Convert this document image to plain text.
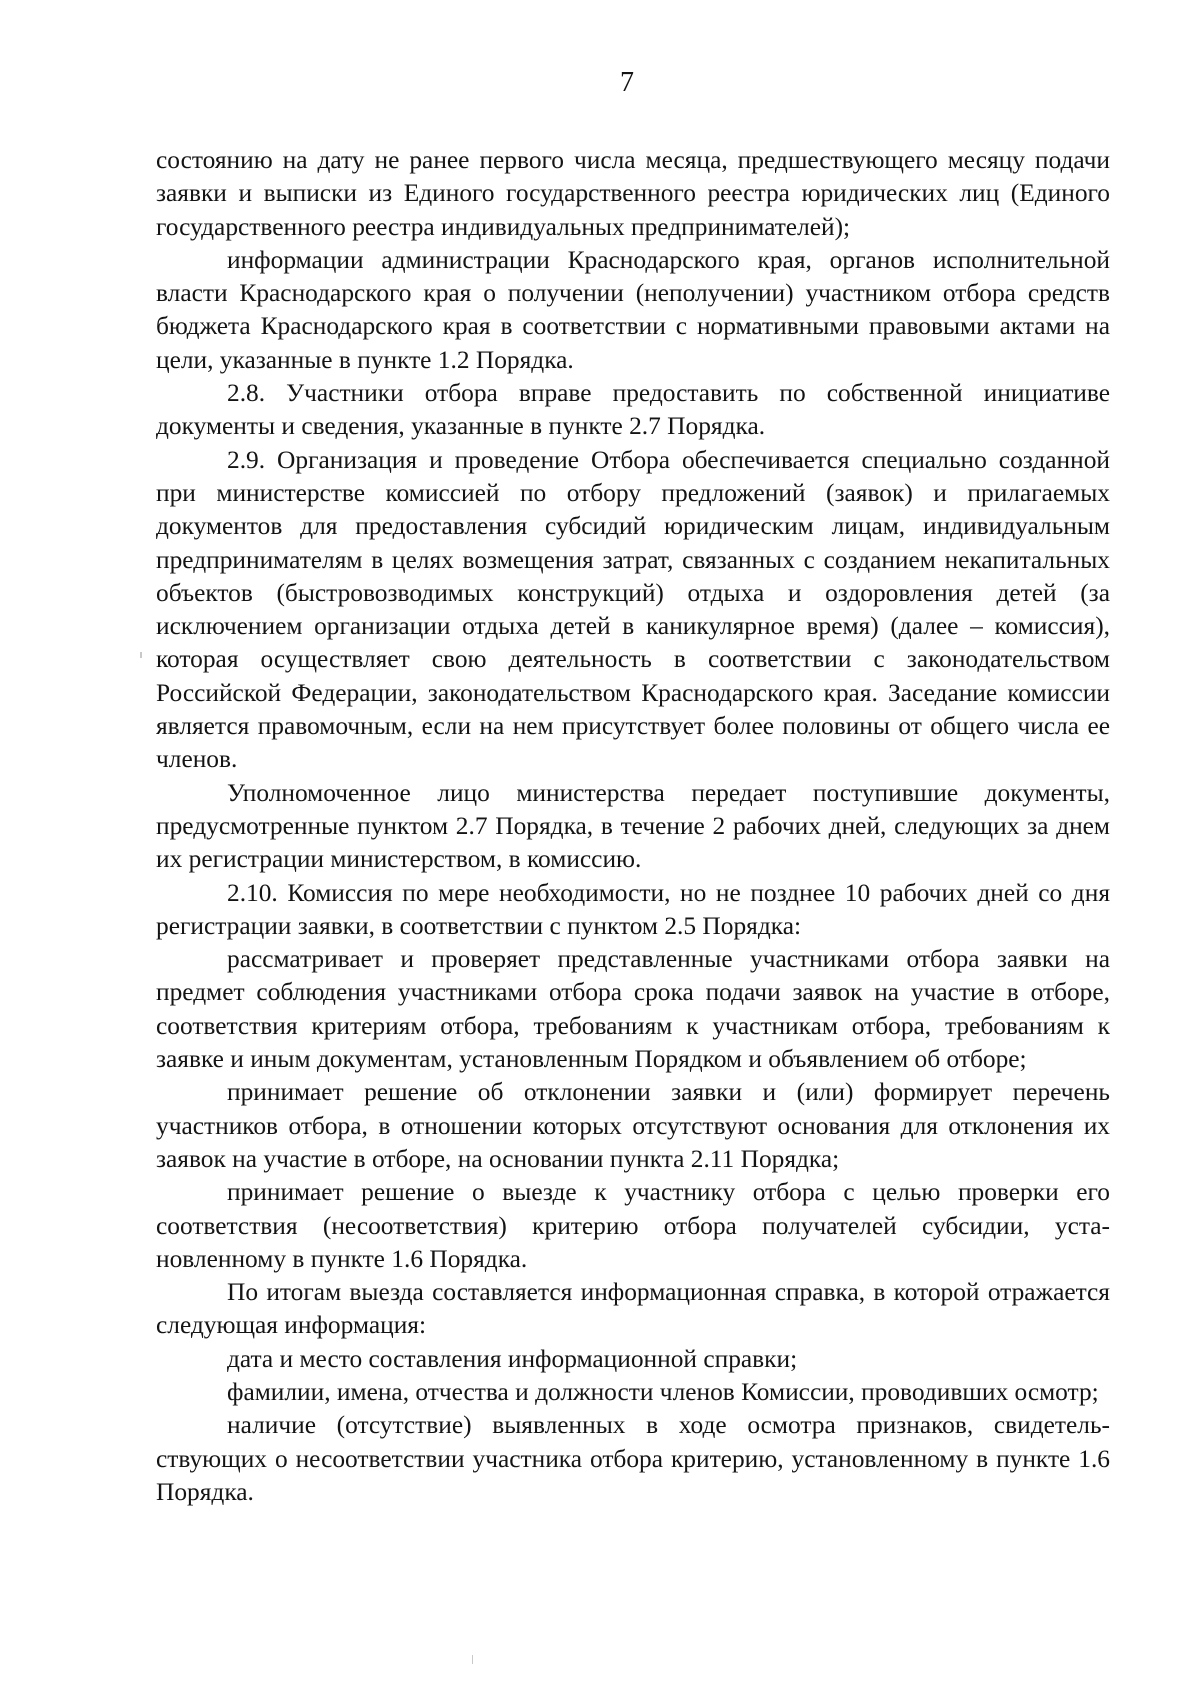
7

состоянию на дату не ранее первого числа месяца, предшествующего месяцу подачи заявки и выписки из Единого государственного реестра юридических лиц (Единого государственного реестра индивидуальных предпринимателей);

информации администрации Краснодарского края, органов исполнительной власти Краснодарского края о получении (неполучении) участником отбора средств бюджета Краснодарского края в соответствии с нормативными правовыми актами на цели, указанные в пункте 1.2 Порядка.

2.8. Участники отбора вправе предоставить по собственной инициативе документы и сведения, указанные в пункте 2.7 Порядка.

2.9. Организация и проведение Отбора обеспечивается специально созданной при министерстве комиссией по отбору предложений (заявок) и прилагаемых документов для предоставления субсидий юридическим лицам, индивидуальным предпринимателям в целях возмещения затрат, связанных с созданием некапитальных объектов (быстровозводимых конструкций) отдыха и оздоровления детей (за исключением организации отдыха детей в каникулярное время) (далее – комиссия), которая осуществляет свою деятельность в соответствии с законодательством Российской Федерации, законодательством Краснодарского края. Заседание комиссии является правомочным, если на нем присутствует более половины от общего числа ее членов.

Уполномоченное лицо министерства передает поступившие документы, предусмотренные пунктом 2.7 Порядка, в течение 2 рабочих дней, следующих за днем их регистрации министерством, в комиссию.

2.10. Комиссия по мере необходимости, но не позднее 10 рабочих дней со дня регистрации заявки, в соответствии с пунктом 2.5 Порядка:

рассматривает и проверяет представленные участниками отбора заявки на предмет соблюдения участниками отбора срока подачи заявок на участие в отборе, соответствия критериям отбора, требованиям к участникам отбора, требованиям к заявке и иным документам, установленным Порядком и объявлением об отборе;

принимает решение об отклонении заявки и (или) формирует перечень участников отбора, в отношении которых отсутствуют основания для отклонения их заявок на участие в отборе, на основании пункта 2.11 Порядка;

принимает решение о выезде к участнику отбора с целью проверки его соответствия (несоответствия) критерию отбора получателей субсидии, установленному в пункте 1.6 Порядка.

По итогам выезда составляется информационная справка, в которой отражается следующая информация:

дата и место составления информационной справки;

фамилии, имена, отчества и должности членов Комиссии, проводивших осмотр;

наличие (отсутствие) выявленных в ходе осмотра признаков, свидетельствующих о несоответствии участника отбора критерию, установленному в пункте 1.6 Порядка.
